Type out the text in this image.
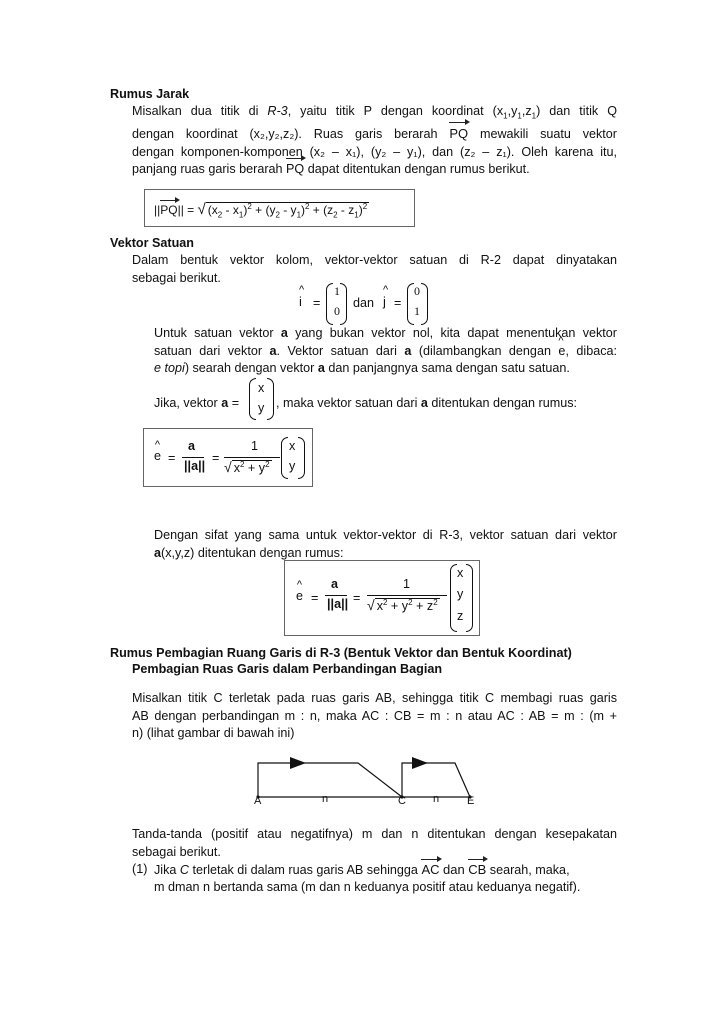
Rumus Jarak
Misalkan dua titik di R-3, yaitu titik P dengan koordinat $(x_1,y_1,z_1)$ dan titik Q
dengan koordinat (x₂,y₂,z₂). Ruas garis berarah PQ mewakili suatu vektor
dengan komponen-komponen (x₂ – x₁), (y₂ – y₁), dan (z₂ – z₁). Oleh karena itu,
panjang ruas garis berarah PQ dapat ditentukan dengan rumus berikut.
||PQ|| = √ $(x_2 - x_1)^2 + (y_2 - y_1)^2 + (z_2 - z_1)^2$
Vektor Satuan
Dalam bentuk vektor kolom, vektor-vektor satuan di R-2 dapat dinyatakan
sebagai berikut.
^ i =
1
0
dan ^ j =
0
1
Untuk satuan vektor a yang bukan vektor nol, kita dapat menentukan vektor
satuan dari vektor a. Vektor satuan dari a (dilambangkan dengan ^ e, dibaca:
e topi) searah dengan vektor a dan panjangnya sama dengan satu satuan.
Jika, vektor a =
x
y , maka vektor satuan dari a ditentukan dengan rumus:
^ e =
a
||a||
=
1
√ $x^2 + y^2$
x
y
Dengan sifat yang sama untuk vektor-vektor di R-3, vektor satuan dari vektor
a(x,y,z) ditentukan dengan rumus:
^ e =
a
||a|| =
1
√ $x^2 + y^2 + z^2$
x
y
z
Rumus Pembagian Ruang Garis di R-3 (Bentuk Vektor dan Bentuk Koordinat)
Pembagian Ruas Garis dalam Perbandingan Bagian
Misalkan titik C terletak pada ruas garis AB, sehingga titik C membagi ruas garis
AB dengan perbandingan m : n, maka AC : CB = m : n atau AC : AB = m : (m +
n) (lihat gambar di bawah ini)
A	n	C n	E
Tanda-tanda (positif atau negatifnya) m dan n ditentukan dengan kesepakatan
sebagai berikut.
(1) Jika C terletak di dalam ruas garis AB sehingga AC dan CB searah, maka,
m dman n bertanda sama (m dan n keduanya positif atau keduanya negatif).
